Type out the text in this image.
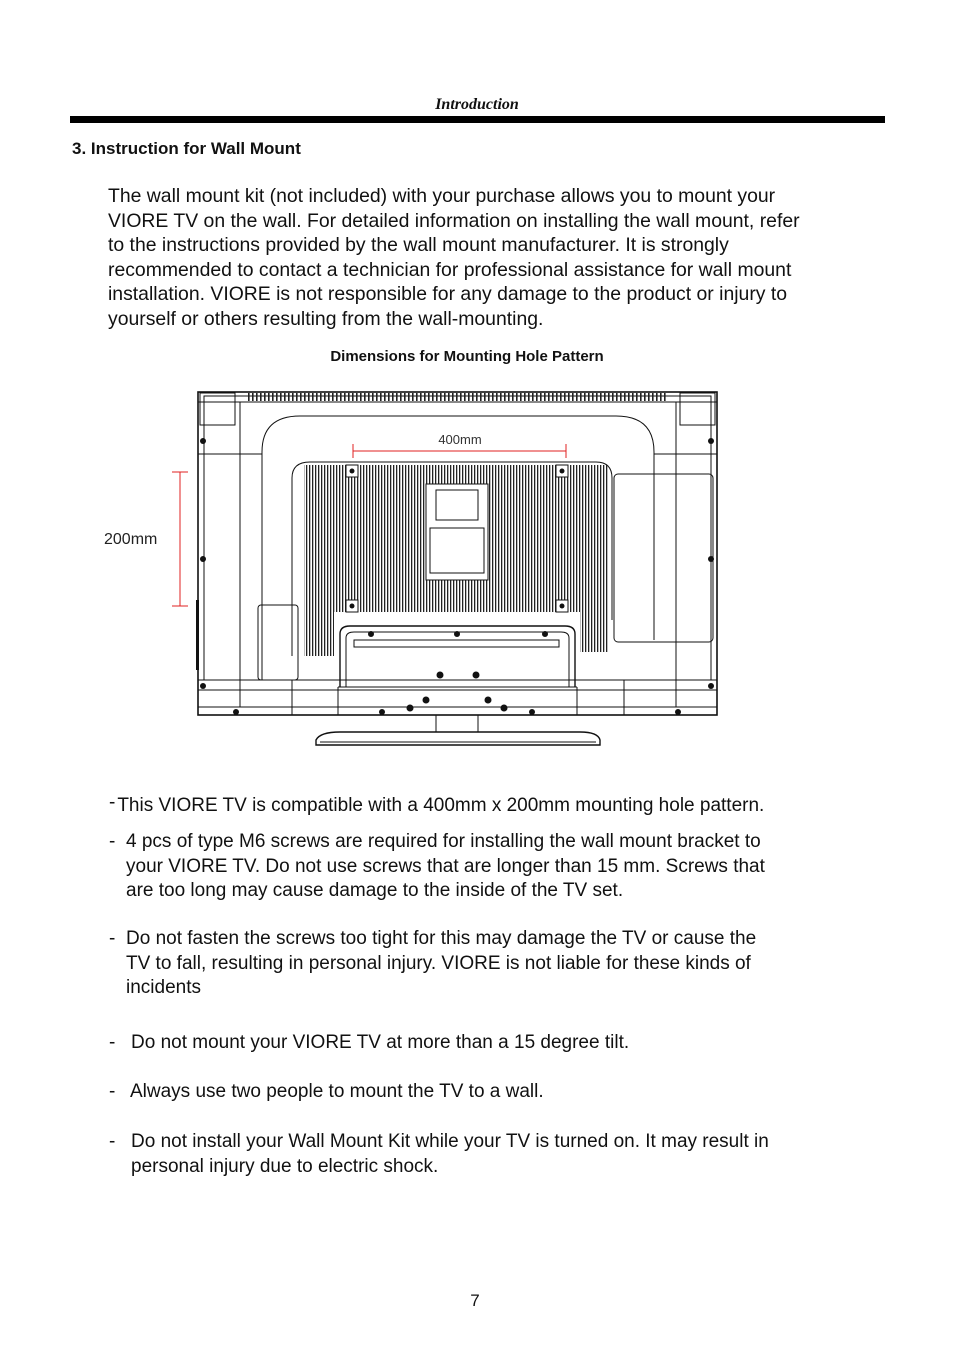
Introduction
3. Instruction for Wall Mount
The wall mount kit (not included) with your purchase allows you to mount your
VIORE TV on the wall. For detailed information on installing the wall mount, refer
to the instructions provided by the wall mount manufacturer. It is strongly
recommended to contact a technician for professional assistance for wall mount
installation. VIORE is not responsible for any damage to the product or injury to
yourself or others resulting from the wall-mounting.
Dimensions for Mounting Hole Pattern
400mm
200mm
- This VIORE TV is compatible with a 400mm x 200mm mounting hole pattern.
- 4 pcs of type M6 screws are required for installing the wall mount bracket to
your VIORE TV. Do not use screws that are longer than 15 mm. Screws that
are too long may cause damage to the inside of the TV set.
- Do not fasten the screws too tight for this may damage the TV or cause the
TV to fall, resulting in personal injury. VIORE is not liable for these kinds of
incidents
- Do not mount your VIORE TV at more than a 15 degree tilt.
- Always use two people to mount the TV to a wall.
- Do not install your Wall Mount Kit while your TV is turned on. It may result in
personal injury due to electric shock.
7
